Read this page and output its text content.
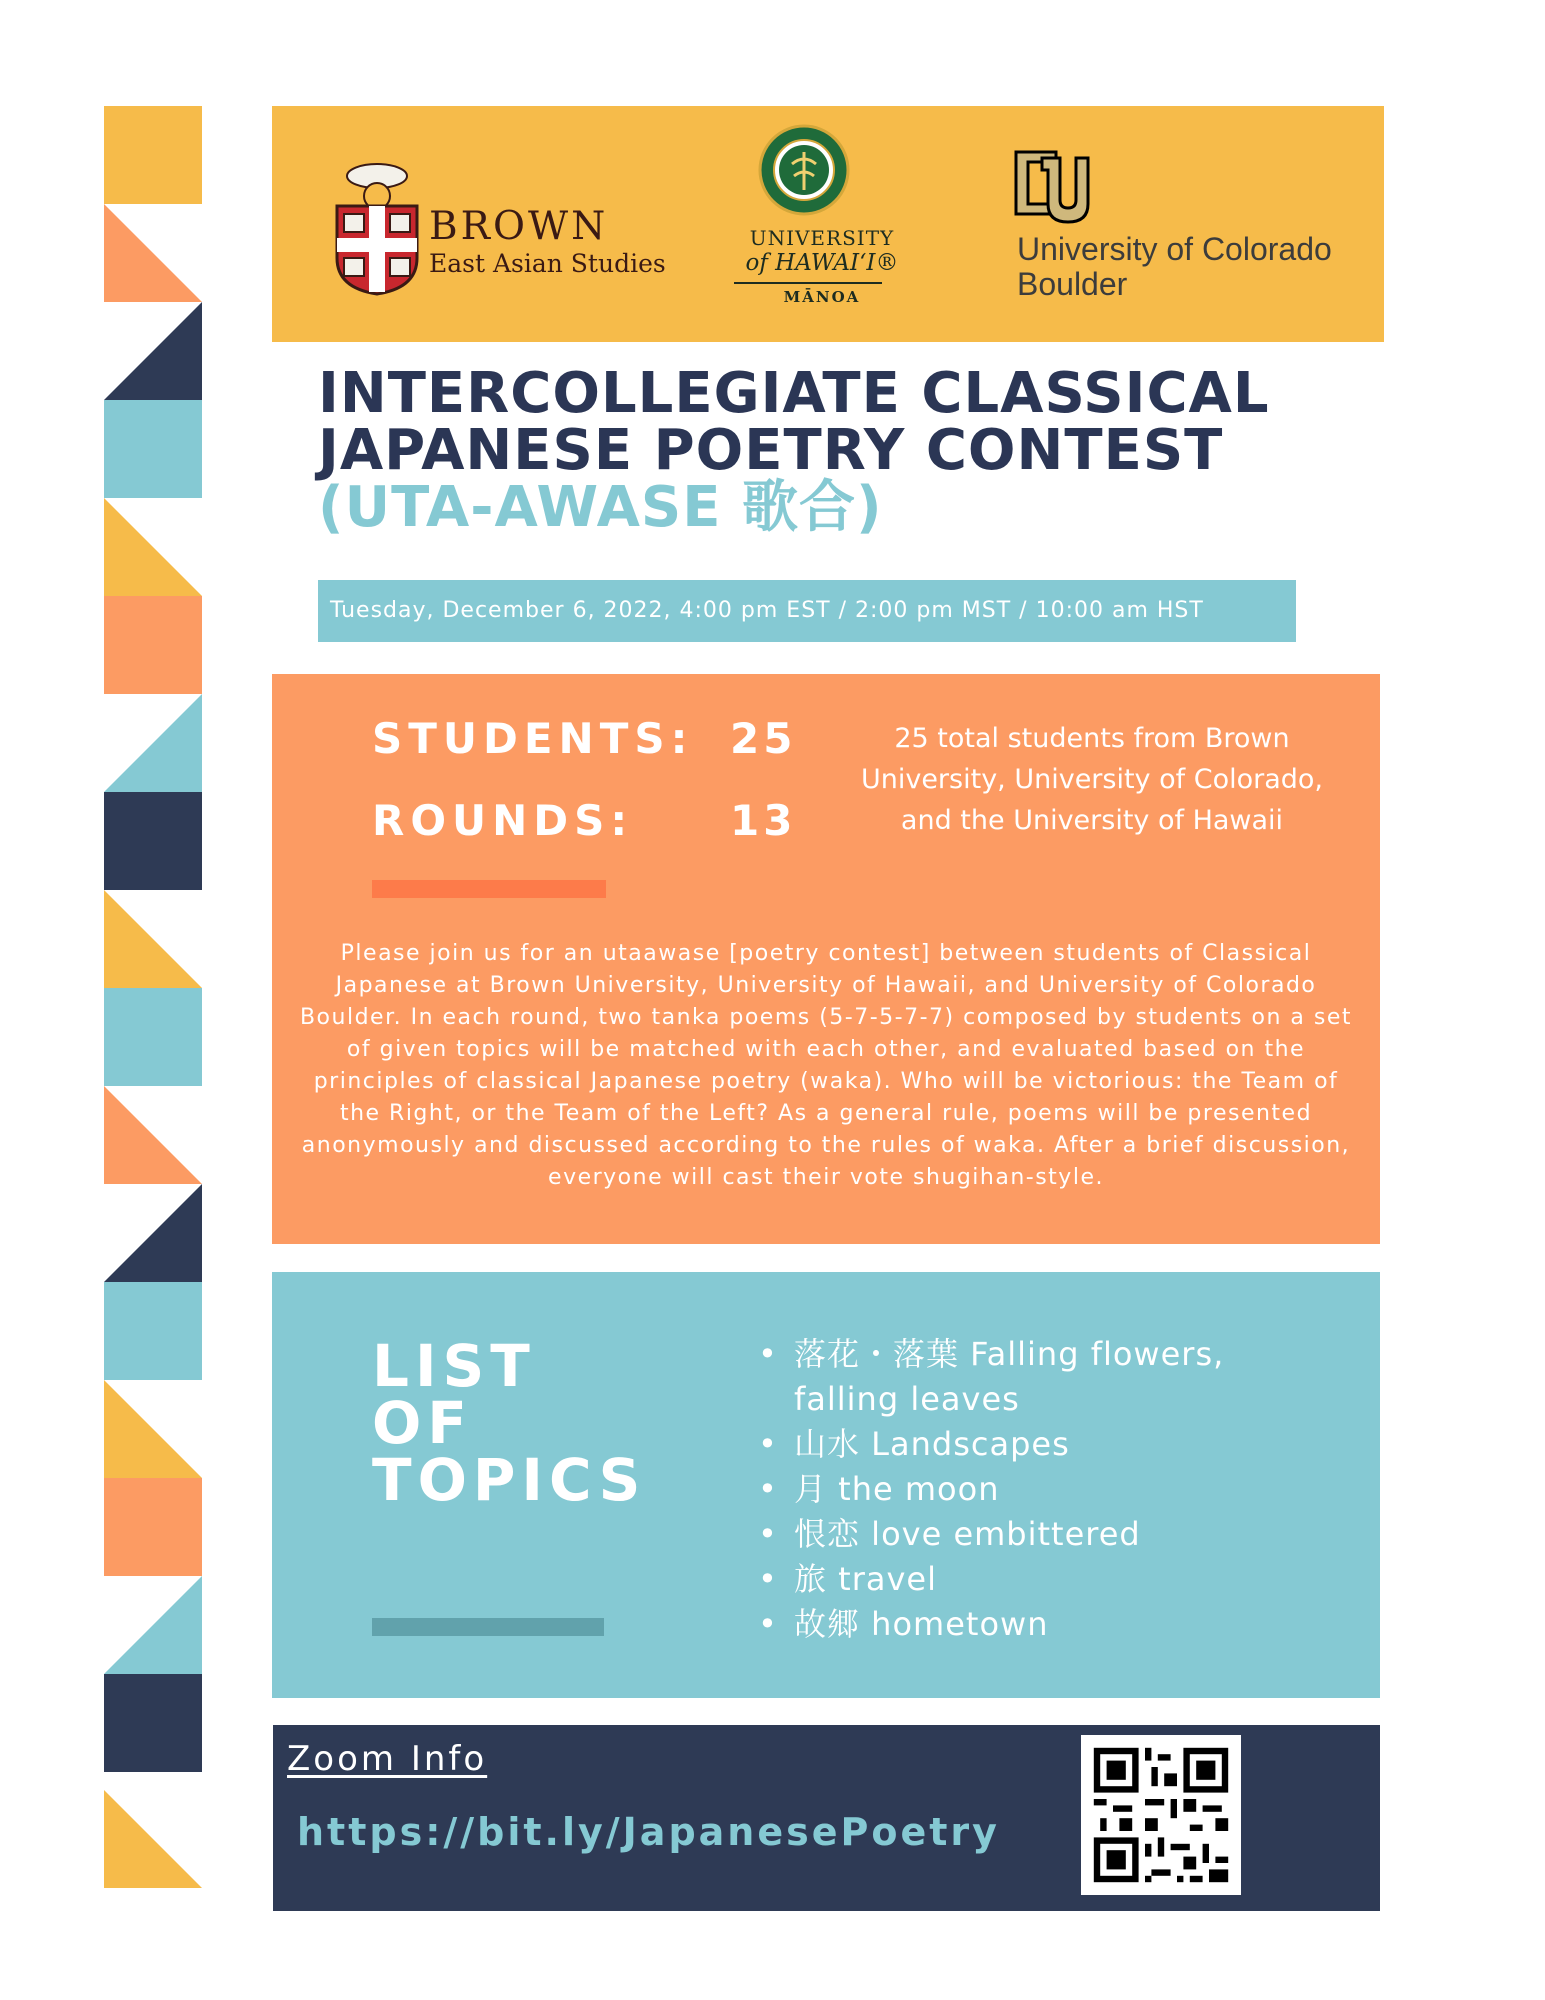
BROWN
East Asian Studies
UNIVERSITY
of HAWAIʻI®
MĀNOA
University of Colorado
Boulder
INTERCOLLEGIATE CLASSICAL
JAPANESE POETRY CONTEST
(UTA-AWASE 歌合)
Tuesday, December 6, 2022, 4:00 pm EST / 2:00 pm MST / 10:00 am HST
STUDENTS: 25
ROUNDS: 13
25 total students from Brown University, University of Colorado, and the University of Hawaii
Please join us for an utaawase [poetry contest] between students of Classical Japanese at Brown University, University of Hawaii, and University of Colorado Boulder. In each round, two tanka poems (5-7-5-7-7) composed by students on a set of given topics will be matched with each other, and evaluated based on the principles of classical Japanese poetry (waka). Who will be victorious: the Team of the Right, or the Team of the Left? As a general rule, poems will be presented anonymously and discussed according to the rules of waka. After a brief discussion, everyone will cast their vote shugihan-style.
LIST
OF
TOPICS
• 落花・落葉 Falling flowers, falling leaves
• 山水 Landscapes
• 月 the moon
• 恨恋 love embittered
• 旅 travel
• 故郷 hometown
Zoom Info
https://bit.ly/JapanesePoetry
